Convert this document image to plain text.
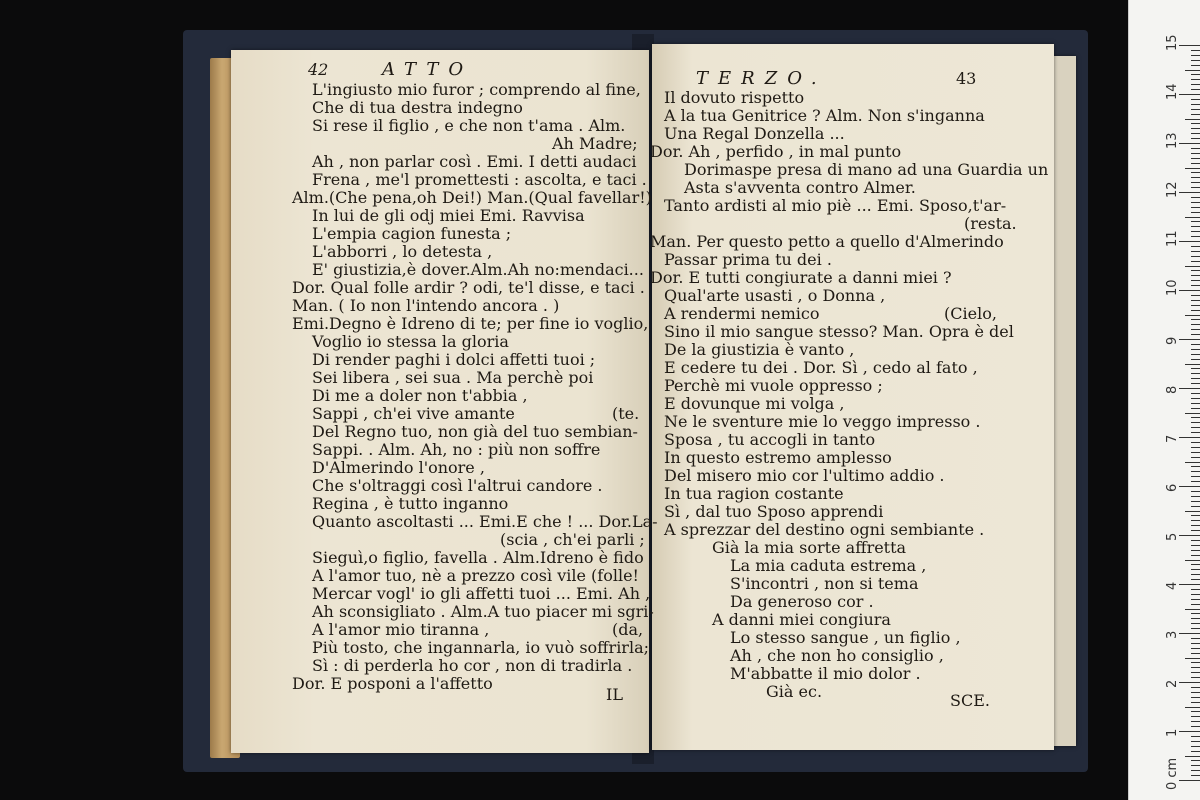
42	ATTO
L'ingiusto mio furor ; comprendo al fine,
Che di tua destra indegno
Si rese il figlio , e che non t'ama . Alm.
Ah Madre;
Ah , non parlar così . Emi. I detti audaci
Frena , me'l promettesti : ascolta, e taci .
Alm.(Che pena,oh Dei!) Man.(Qual favellar!)
In lui de gli odj miei Emi. Ravvisa
L'empia cagion funesta ;
L'abborri , lo detesta ,
E' giustizia,è dover.Alm.Ah no:mendaci...
Dor. Qual folle ardir ? odi, te'l disse, e taci .
Man. ( Io non l'intendo ancora . )
Emi.Degno è Idreno di te; per fine io voglio,
Voglio io stessa la gloria
Di render paghi i dolci affetti tuoi ;
Sei libera , sei sua . Ma perchè poi
Di me a doler non t'abbia ,
Sappi , ch'ei vive amante	(te.
Del Regno tuo, non già del tuo sembian-
Sappi. . Alm. Ah, no : più non soffre
D'Almerindo l'onore ,
Che s'oltraggi così l'altrui candore .
Regina , è tutto inganno
Quanto ascoltasti ... Emi.E che ! ... Dor.La-
(scia , ch'ei parli ;
Sieguì,o figlio, favella . Alm.Idreno è fido
A l'amor tuo, nè a prezzo così vile (folle!
Mercar vogl' io gli affetti tuoi ... Emi. Ah ,
Ah sconsigliato . Alm.A tuo piacer mi sgri-
A l'amor mio tiranna ,	(da,
Più tosto, che ingannarla, io vuò soffrirla;
Sì : di perderla ho cor , non di tradirla .
Dor. E posponi a l'affetto
IL
TERZO.	43
Il dovuto rispetto
A la tua Genitrice ? Alm. Non s'inganna
Una Regal Donzella ...
Dor. Ah , perfido , in mal punto
Dorimaspe presa di mano ad una Guardia un
Asta s'avventa contro Almer.
Tanto ardisti al mio piè ... Emi. Sposo,t'ar-
(resta.
Man. Per questo petto a quello d'Almerindo
Passar prima tu dei .
Dor. E tutti congiurate a danni miei ?
Qual'arte usasti , o Donna ,
A rendermi nemico	(Cielo,
Sino il mio sangue stesso? Man. Opra è del
De la giustizia è vanto ,
E cedere tu dei . Dor. Sì , cedo al fato ,
Perchè mi vuole oppresso ;
E dovunque mi volga ,
Ne le sventure mie lo veggo impresso .
Sposa , tu accogli in tanto
In questo estremo amplesso
Del misero mio cor l'ultimo addio .
In tua ragion costante
Sì , dal tuo Sposo apprendi
A sprezzar del destino ogni sembiante .
Già la mia sorte affretta
La mia caduta estrema ,
S'incontri , non si tema
Da generoso cor .
A danni miei congiura
Lo stesso sangue , un figlio ,
Ah , che non ho consiglio ,
M'abbatte il mio dolor .
Già ec.	SCE.
1
2
3
4
5
6
7
8
9
10
11
12
13
14
15
0 cm
